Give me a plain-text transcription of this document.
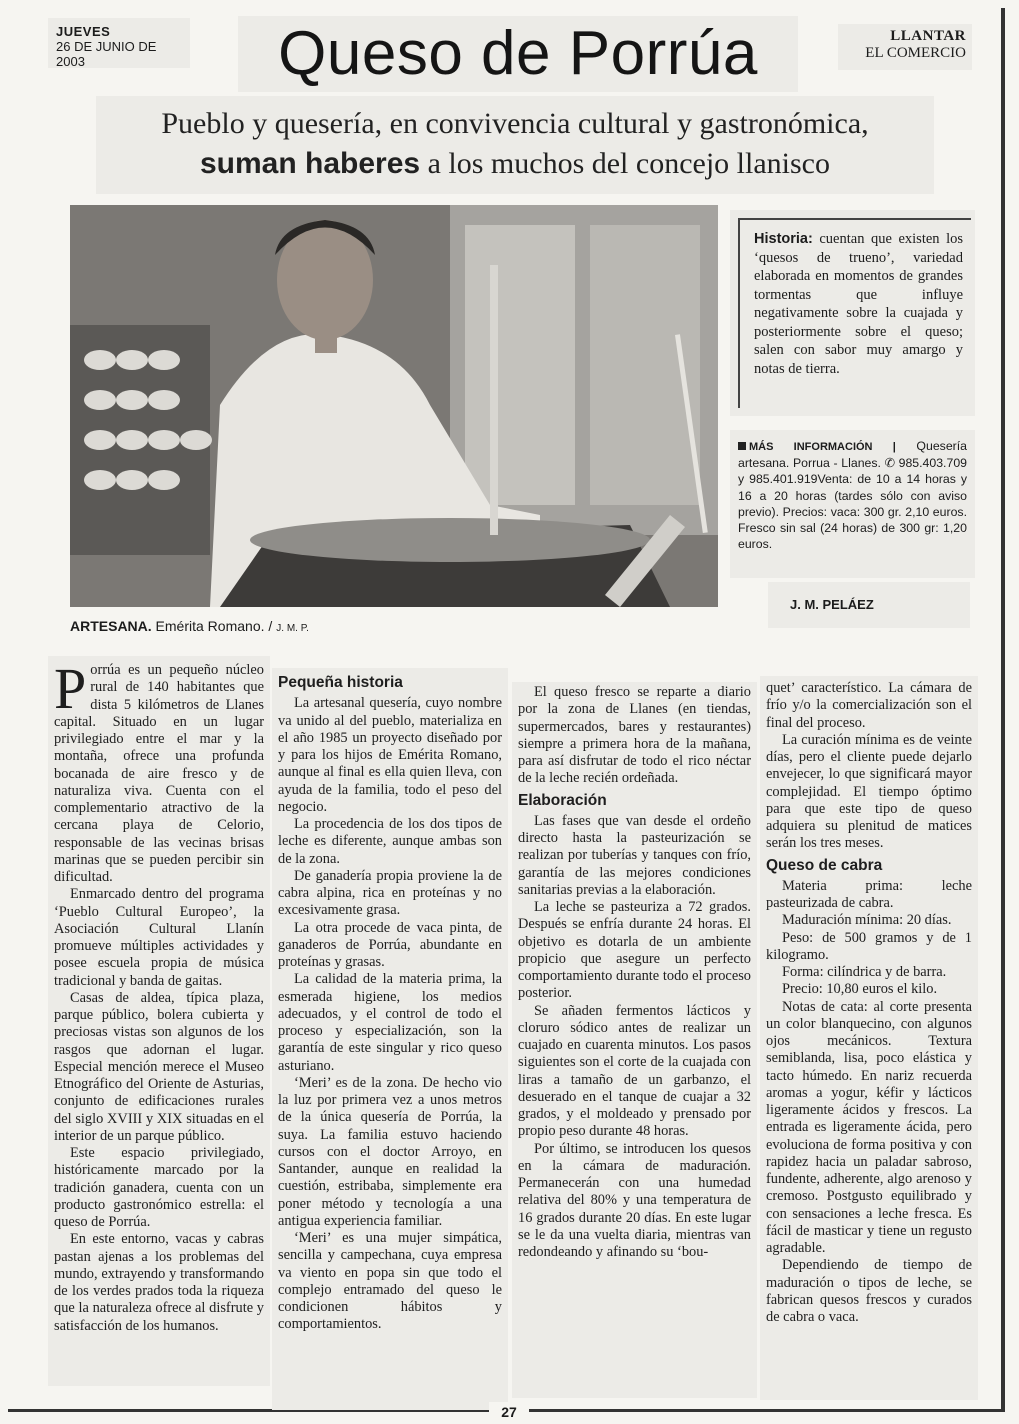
JUEVES
26 DE JUNIO DE 2003	Queso de Porrúa	LLANTAR
EL COMERCIO
Pueblo y quesería, en convivencia cultural y gastronómica,
suman haberes a los muchos del concejo llanisco
ARTESANA. Emérita Romano. / J. M. P.
Historia: cuentan que existen los ‘quesos de trueno’, variedad elaborada en momentos de grandes tormentas que influye negativamente sobre la cuajada y posteriormente sobre el queso; salen con sabor muy amargo y notas de tierra.
MÁS INFORMACIÓN | Quesería artesana. Porrua - Llanes. ✆ 985.403.709 y 985.401.919Venta: de 10 a 14 horas y 16 a 20 horas (tardes sólo con aviso previo). Precios: vaca: 300 gr. 2,10 euros. Fresco sin sal (24 horas) de 300 gr: 1,20 euros.
J. M. PELÁEZ
P orrúa es un pequeño núcleo rural de 140 habitantes que dista 5 kilómetros de Llanes capital. Situado en un lugar privilegiado entre el mar y la montaña, ofrece una profunda bocanada de aire fresco y de naturaliza viva. Cuenta con el complementario atractivo de la cercana playa de Celorio, responsable de las vecinas brisas marinas que se pueden percibir sin dificultad.

Enmarcado dentro del programa ‘Pueblo Cultural Europeo’, la Asociación Cultural Llanín promueve múltiples actividades y posee escuela propia de música tradicional y banda de gaitas.

Casas de aldea, típica plaza, parque público, bolera cubierta y preciosas vistas son algunos de los rasgos que adornan el lugar. Especial mención merece el Museo Etnográfico del Oriente de Asturias, conjunto de edificaciones rurales del siglo XVIII y XIX situadas en el interior de un parque público.

Este espacio privilegiado, históricamente marcado por la tradición ganadera, cuenta con un producto gastronómico estrella: el queso de Porrúa.

En este entorno, vacas y cabras pastan ajenas a los problemas del mundo, extrayendo y transformando de los verdes prados toda la riqueza que la naturaleza ofrece al disfrute y satisfacción de los humanos.

Pequeña historia

La artesanal quesería, cuyo nombre va unido al del pueblo, materializa en el año 1985 un proyecto diseñado por y para los hijos de Emérita Romano, aunque al final es ella quien lleva, con ayuda de la familia, todo el peso del negocio.

La procedencia de los dos tipos de leche es diferente, aunque ambas son de la zona.

De ganadería propia proviene la de cabra alpina, rica en proteínas y no excesivamente grasa.

La otra procede de vaca pinta, de ganaderos de Porrúa, abundante en proteínas y grasas.

La calidad de la materia prima, la esmerada higiene, los medios adecuados, y el control de todo el proceso y especialización, son la garantía de este singular y rico queso asturiano.

‘Meri’ es de la zona. De hecho vio la luz por primera vez a unos metros de la única quesería de Porrúa, la suya. La familia estuvo haciendo cursos con el doctor Arroyo, en Santander, aunque en realidad la cuestión, estribaba, simplemente era poner método y tecnología a una antigua experiencia familiar.

‘Meri’ es una mujer simpática, sencilla y campechana, cuya empresa va viento en popa sin que todo el complejo entramado del queso le condicionen hábitos y comportamientos.

El queso fresco se reparte a diario por la zona de Llanes (en tiendas, supermercados, bares y restaurantes) siempre a primera hora de la mañana, para así disfrutar de todo el rico néctar de la leche recién ordeñada.

Elaboración

Las fases que van desde el ordeño directo hasta la pasteurización se realizan por tuberías y tanques con frío, garantía de las mejores condiciones sanitarias previas a la elaboración.

La leche se pasteuriza a 72 grados. Después se enfría durante 24 horas. El objetivo es dotarla de un ambiente propicio que asegure un perfecto comportamiento durante todo el proceso posterior.

Se añaden fermentos lácticos y cloruro sódico antes de realizar un cuajado en cuarenta minutos. Los pasos siguientes son el corte de la cuajada con liras a tamaño de un garbanzo, el desuerado en el tanque de cuajar a 32 grados, y el moldeado y prensado por propio peso durante 48 horas.

Por último, se introducen los quesos en la cámara de maduración. Permanecerán con una humedad relativa del 80% y una temperatura de 16 grados durante 20 días. En este lugar se le da una vuelta diaria, mientras van redondeando y afinando su ‘bou-

quet’ característico. La cámara de frío y/o la comercialización son el final del proceso.

La curación mínima es de veinte días, pero el cliente puede dejarlo envejecer, lo que significará mayor complejidad. El tiempo óptimo para que este tipo de queso adquiera su plenitud de matices serán los tres meses.

Queso de cabra

Materia prima: leche pasteurizada de cabra.

Maduración mínima: 20 días.

Peso: de 500 gramos y de 1 kilogramo.

Forma: cilíndrica y de barra.

Precio: 10,80 euros el kilo.

Notas de cata: al corte presenta un color blanquecino, con algunos ojos mecánicos. Textura semiblanda, lisa, poco elástica y tacto húmedo. En nariz recuerda aromas a yogur, kéfir y lácticos ligeramente ácidos y frescos. La entrada es ligeramente ácida, pero evoluciona de forma positiva y con rapidez hacia un paladar sabroso, fundente, adherente, algo arenoso y cremoso. Postgusto equilibrado y con sensaciones a leche fresca. Es fácil de masticar y tiene un regusto agradable.

Dependiendo de tiempo de maduración o tipos de leche, se fabrican quesos frescos y curados de cabra o vaca.

27
